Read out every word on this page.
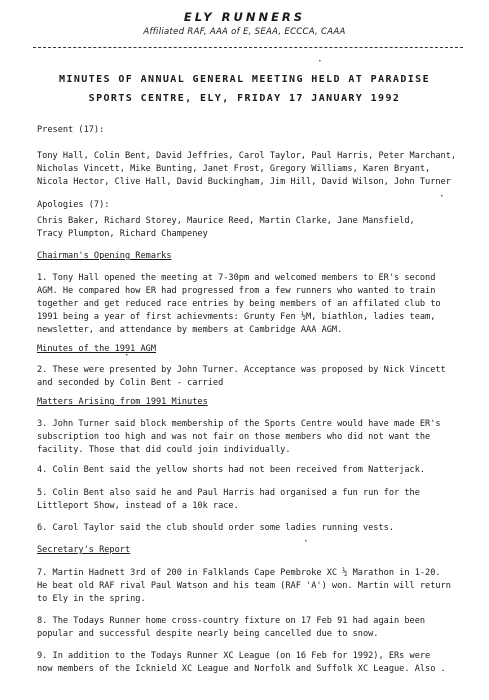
ELY RUNNERS
Affiliated RAF, AAA of E, SEAA, ECCCA, CAAA
MINUTES OF ANNUAL GENERAL MEETING HELD AT PARADISE
SPORTS CENTRE, ELY, FRIDAY 17 JANUARY 1992
Present (17):
Tony Hall, Colin Bent, David Jeffries, Carol Taylor, Paul Harris, Peter Marchant,
Nicholas Vincett, Mike Bunting, Janet Frost, Gregory Williams, Karen Bryant,
Nicola Hector, Clive Hall, David Buckingham, Jim Hill, David Wilson, John Turner
Apologies (7):
Chris Baker, Richard Storey, Maurice Reed, Martin Clarke, Jane Mansfield,
Tracy Plumpton, Richard Champeney
Chairman's Opening Remarks
1. Tony Hall opened the meeting at 7-30pm and welcomed members to ER's second
AGM. He compared how ER had progressed from a few runners who wanted to train
together and get reduced race entries by being members of an affilated club to
1991 being a year of first achievments: Grunty Fen ½M, biathlon, ladies team,
newsletter, and attendance by members at Cambridge AAA AGM.
Minutes of the 1991 AGM
2. These were presented by John Turner. Acceptance was proposed by Nick Vincett
and seconded by Colin Bent - carried
Matters Arising from 1991 Minutes
3. John Turner said block membership of the Sports Centre would have made ER's
subscription too high and was not fair on those members who did not want the
facility. Those that did could join individually.
4. Colin Bent said the yellow shorts had not been received from Natterjack.
5. Colin Bent also said he and Paul Harris had organised a fun run for the
Littleport Show, instead of a 10k race.
6. Carol Taylor said the club should order some ladies running vests.
Secretary's Report
7. Martin Hadnett 3rd of 200 in Falklands Cape Pembroke XC ½ Marathon in 1-20.
He beat old RAF rival Paul Watson and his team (RAF 'A') won. Martin will return
to Ely in the spring.
8. The Todays Runner home cross-country fixture on 17 Feb 91 had again been
popular and successful despite nearly being cancelled due to snow.
9. In addition to the Todays Runner XC League (on 16 Feb for 1992), ERs were
now members of the Icknield XC League and Norfolk and Suffolk XC League. Also .
•
•
•
•
